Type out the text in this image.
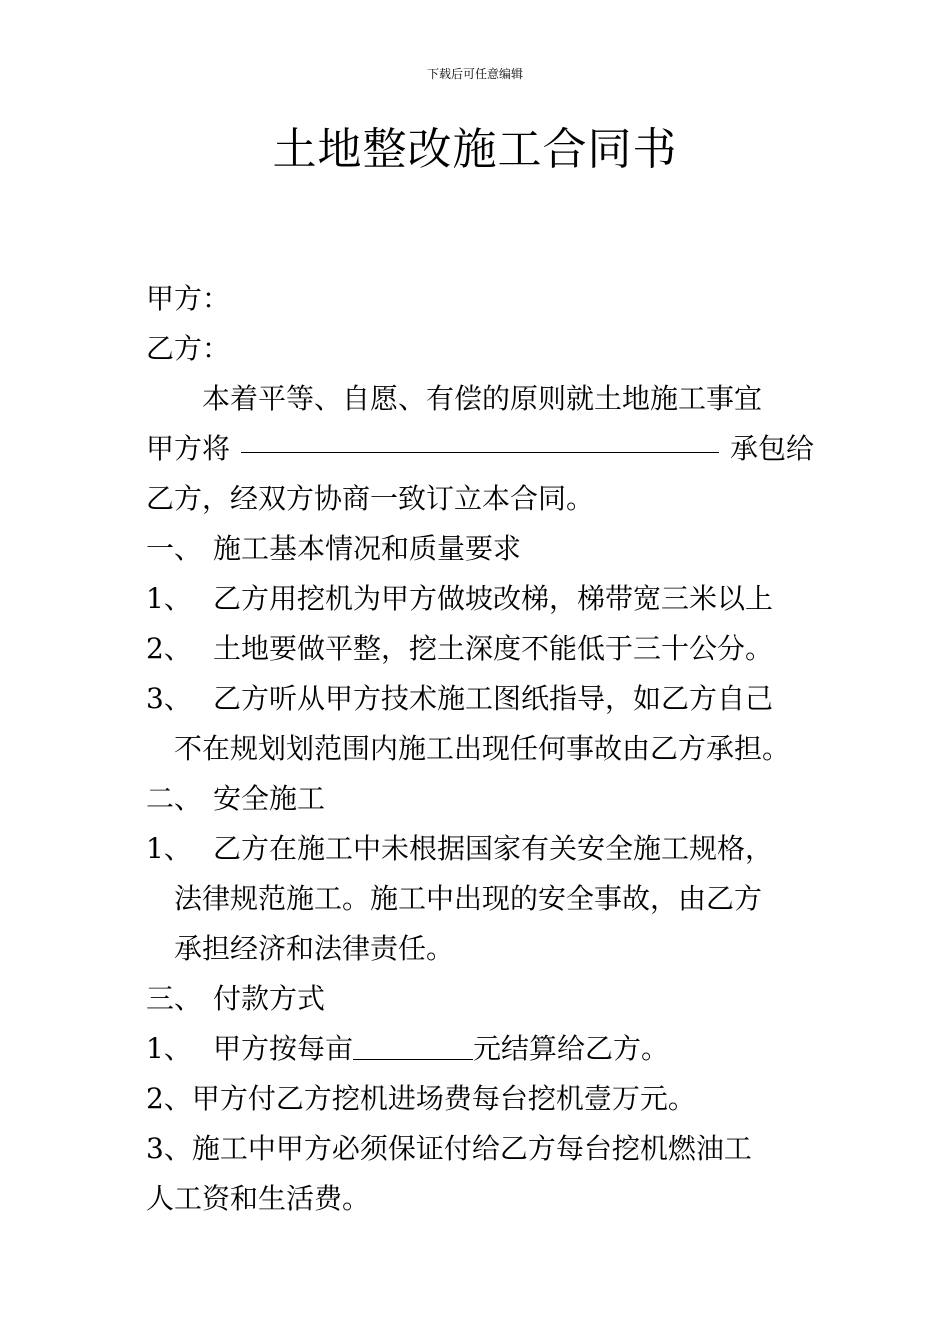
下载后可任意编辑
土地整改施工合同书
甲方：
乙方：
本着平等、自愿、有偿的原则就土地施工事宜
甲方将	承包给
乙方，经双方协商一致订立本合同。
一、 施工基本情况和质量要求
1、 乙方用挖机为甲方做坡改梯，梯带宽三米以上
2、 土地要做平整，挖土深度不能低于三十公分。
3、 乙方听从甲方技术施工图纸指导，如乙方自己
不在规划划范围内施工出现任何事故由乙方承担。
二、 安全施工
1、 乙方在施工中未根据国家有关安全施工规格，
法律规范施工。施工中出现的安全事故，由乙方
承担经济和法律责任。
三、 付款方式
1、 甲方按每亩	元结算给乙方。
2、甲方付乙方挖机进场费每台挖机壹万元。
3、施工中甲方必须保证付给乙方每台挖机燃油工
人工资和生活费。
